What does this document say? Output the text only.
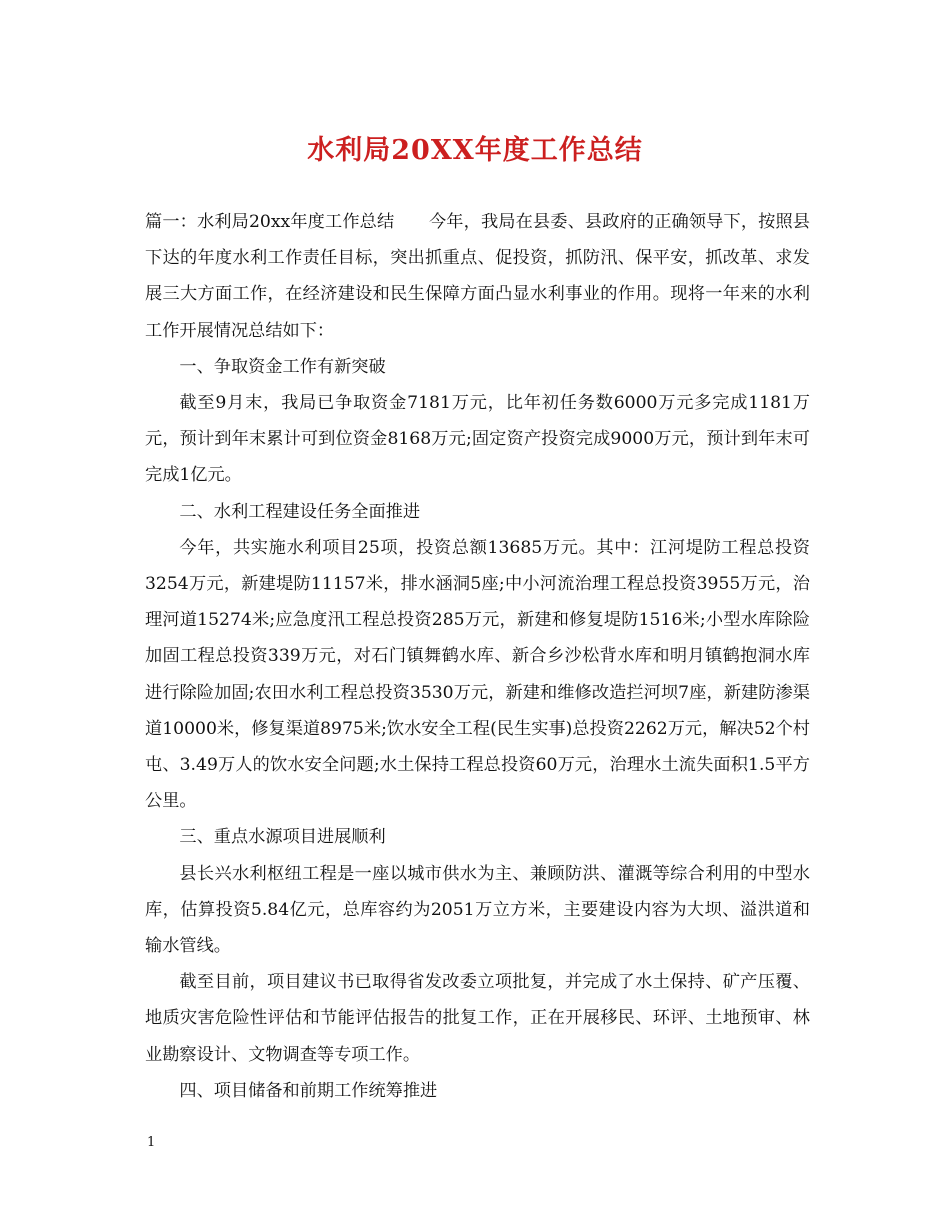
水利局20XX年度工作总结

篇一：水利局20xx年度工作总结　　今年，我局在县委、县政府的正确领导下，按照县下达的年度水利工作责任目标，突出抓重点、促投资，抓防汛、保平安，抓改革、求发展三大方面工作，在经济建设和民生保障方面凸显水利事业的作用。现将一年来的水利工作开展情况总结如下：

一、争取资金工作有新突破

截至9月末，我局已争取资金7181万元，比年初任务数6000万元多完成1181万元，预计到年末累计可到位资金8168万元;固定资产投资完成9000万元，预计到年末可完成1亿元。

二、水利工程建设任务全面推进

今年，共实施水利项目25项，投资总额13685万元。其中：江河堤防工程总投资3254万元，新建堤防11157米，排水涵洞5座;中小河流治理工程总投资3955万元，治理河道15274米;应急度汛工程总投资285万元，新建和修复堤防1516米;小型水库除险加固工程总投资339万元，对石门镇舞鹤水库、新合乡沙松背水库和明月镇鹤抱洞水库进行除险加固;农田水利工程总投资3530万元，新建和维修改造拦河坝7座，新建防渗渠道10000米，修复渠道8975米;饮水安全工程(民生实事)总投资2262万元，解决52个村屯、3.49万人的饮水安全问题;水土保持工程总投资60万元，治理水土流失面积1.5平方公里。

三、重点水源项目进展顺利

县长兴水利枢纽工程是一座以城市供水为主、兼顾防洪、灌溉等综合利用的中型水库，估算投资5.84亿元，总库容约为2051万立方米，主要建设内容为大坝、溢洪道和输水管线。

截至目前，项目建议书已取得省发改委立项批复，并完成了水土保持、矿产压覆、地质灾害危险性评估和节能评估报告的批复工作，正在开展移民、环评、土地预审、林业勘察设计、文物调查等专项工作。

四、项目储备和前期工作统筹推进

1
